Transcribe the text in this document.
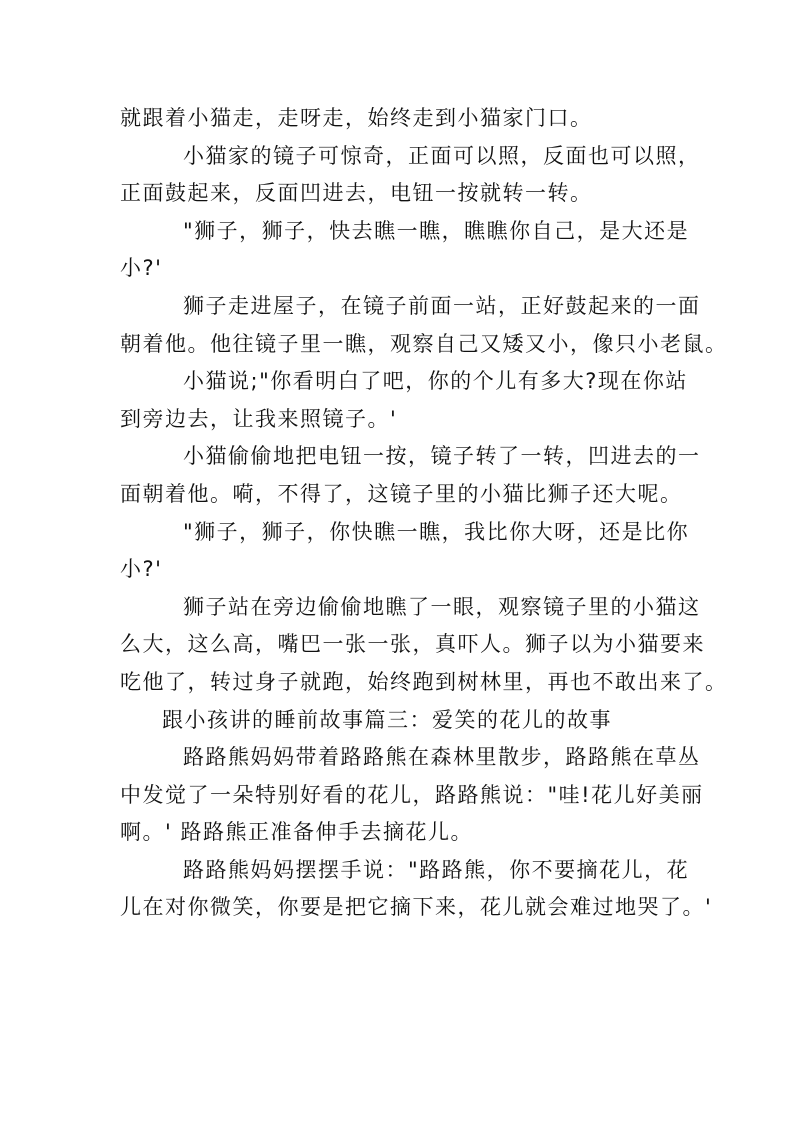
就跟着小猫走，走呀走，始终走到小猫家门口。
小猫家的镜子可惊奇，正面可以照，反面也可以照，
正面鼓起来，反面凹进去，电钮一按就转一转。
"狮子，狮子，快去瞧一瞧，瞧瞧你自己，是大还是
小?'
狮子走进屋子，在镜子前面一站，正好鼓起来的一面
朝着他。他往镜子里一瞧，观察自己又矮又小，像只小老鼠。
小猫说;"你看明白了吧，你的个儿有多大?现在你站
到旁边去，让我来照镜子。'
小猫偷偷地把电钮一按，镜子转了一转，凹进去的一
面朝着他。嗬，不得了，这镜子里的小猫比狮子还大呢。
"狮子，狮子，你快瞧一瞧，我比你大呀，还是比你
小?'
狮子站在旁边偷偷地瞧了一眼，观察镜子里的小猫这
么大，这么高，嘴巴一张一张，真吓人。狮子以为小猫要来
吃他了，转过身子就跑，始终跑到树林里，再也不敢出来了。
跟小孩讲的睡前故事篇三：爱笑的花儿的故事
路路熊妈妈带着路路熊在森林里散步，路路熊在草丛
中发觉了一朵特别好看的花儿，路路熊说："哇!花儿好美丽
啊。' 路路熊正准备伸手去摘花儿。
路路熊妈妈摆摆手说："路路熊，你不要摘花儿，花
儿在对你微笑，你要是把它摘下来，花儿就会难过地哭了。'
